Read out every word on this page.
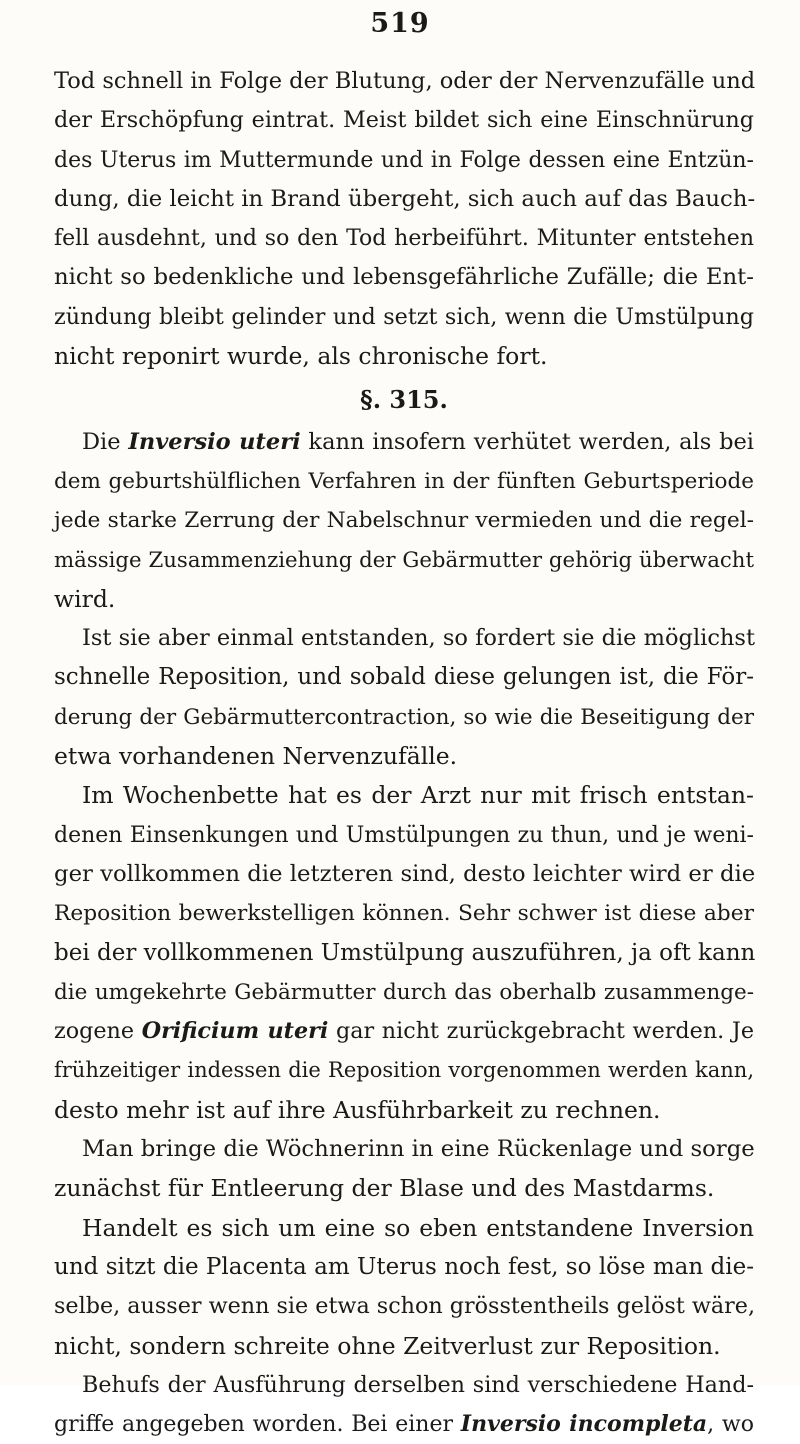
519
Tod schnell in Folge der Blutung, oder der Nervenzufälle und
der Erschöpfung eintrat. Meist bildet sich eine Einschnürung
des Uterus im Muttermunde und in Folge dessen eine Entzün-
dung, die leicht in Brand übergeht, sich auch auf das Bauch-
fell ausdehnt, und so den Tod herbeiführt. Mitunter entstehen
nicht so bedenkliche und lebensgefährliche Zufälle; die Ent-
zündung bleibt gelinder und setzt sich, wenn die Umstülpung
nicht reponirt wurde, als chronische fort.
§. 315.
Die Inversio uteri kann insofern verhütet werden, als bei
dem geburtshülflichen Verfahren in der fünften Geburtsperiode
jede starke Zerrung der Nabelschnur vermieden und die regel-
mässige Zusammenziehung der Gebärmutter gehörig überwacht
wird.
Ist sie aber einmal entstanden, so fordert sie die möglichst
schnelle Reposition, und sobald diese gelungen ist, die För-
derung der Gebärmuttercontraction, so wie die Beseitigung der
etwa vorhandenen Nervenzufälle.
Im Wochenbette hat es der Arzt nur mit frisch entstan-
denen Einsenkungen und Umstülpungen zu thun, und je weni-
ger vollkommen die letzteren sind, desto leichter wird er die
Reposition bewerkstelligen können. Sehr schwer ist diese aber
bei der vollkommenen Umstülpung auszuführen, ja oft kann
die umgekehrte Gebärmutter durch das oberhalb zusammenge-
zogene Orificium uteri gar nicht zurückgebracht werden. Je
frühzeitiger indessen die Reposition vorgenommen werden kann,
desto mehr ist auf ihre Ausführbarkeit zu rechnen.
Man bringe die Wöchnerinn in eine Rückenlage und sorge
zunächst für Entleerung der Blase und des Mastdarms.
Handelt es sich um eine so eben entstandene Inversion
und sitzt die Placenta am Uterus noch fest, so löse man die-
selbe, ausser wenn sie etwa schon grösstentheils gelöst wäre,
nicht, sondern schreite ohne Zeitverlust zur Reposition.
Behufs der Ausführung derselben sind verschiedene Hand-
griffe angegeben worden. Bei einer Inversio incompleta, wo
